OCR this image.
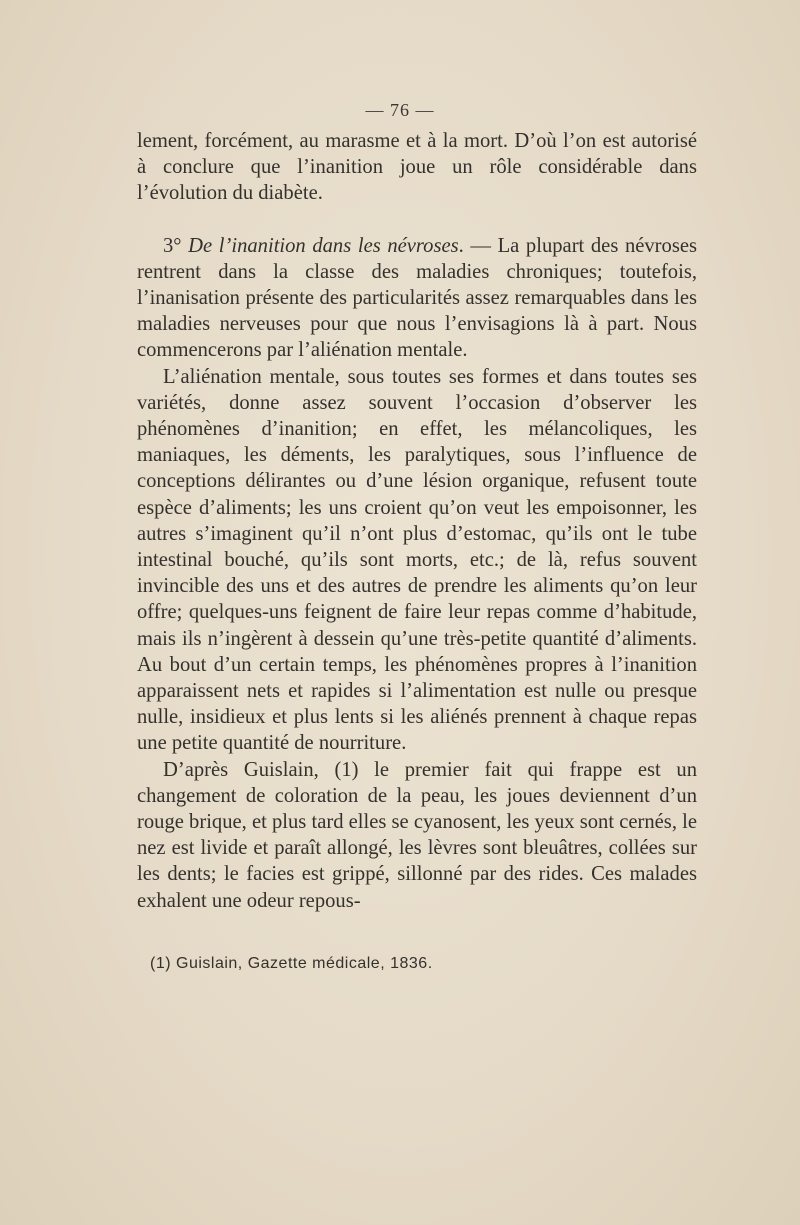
— 76 —

lement, forcément, au marasme et à la mort. D’où l’on est autorisé à conclure que l’inanition joue un rôle considérable dans l’évolution du diabète.

3° De l’inanition dans les névroses. — La plupart des névroses rentrent dans la classe des maladies chroniques; toutefois, l’inanisation présente des particularités assez remarquables dans les maladies nerveuses pour que nous l’envisagions là à part. Nous commencerons par l’aliénation mentale.

L’aliénation mentale, sous toutes ses formes et dans toutes ses variétés, donne assez souvent l’occasion d’observer les phénomènes d’inanition; en effet, les mélancoliques, les maniaques, les déments, les paralytiques, sous l’influence de conceptions délirantes ou d’une lésion organique, refusent toute espèce d’aliments; les uns croient qu’on veut les empoisonner, les autres s’imaginent qu’il n’ont plus d’estomac, qu’ils ont le tube intestinal bouché, qu’ils sont morts, etc.; de là, refus souvent invincible des uns et des autres de prendre les aliments qu’on leur offre; quelques-uns feignent de faire leur repas comme d’habitude, mais ils n’ingèrent à dessein qu’une très-petite quantité d’aliments. Au bout d’un certain temps, les phénomènes propres à l’inanition apparaissent nets et rapides si l’alimentation est nulle ou presque nulle, insidieux et plus lents si les aliénés prennent à chaque repas une petite quantité de nourriture.

D’après Guislain, (1) le premier fait qui frappe est un changement de coloration de la peau, les joues deviennent d’un rouge brique, et plus tard elles se cyanosent, les yeux sont cernés, le nez est livide et paraît allongé, les lèvres sont bleuâtres, collées sur les dents; le facies est grippé, sillonné par des rides. Ces malades exhalent une odeur repous-

(1) Guislain, Gazette médicale, 1836.
